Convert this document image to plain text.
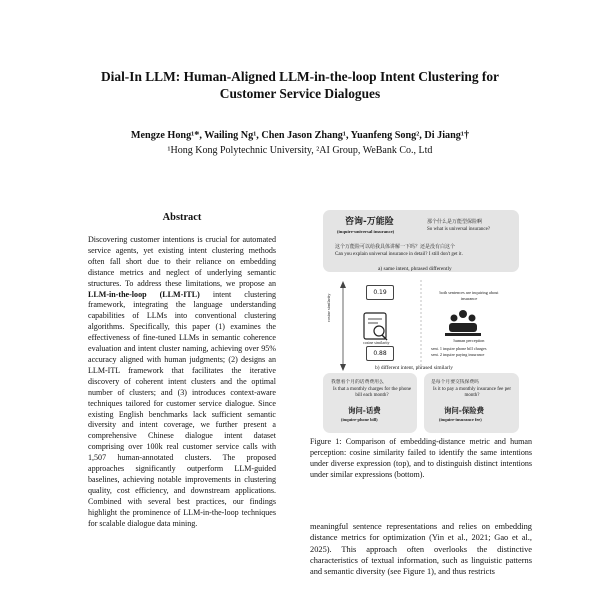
Dial-In LLM: Human-Aligned LLM-in-the-loop Intent Clustering for
Customer Service Dialogues
Mengze Hong¹*, Wailing Ng¹, Chen Jason Zhang¹, Yuanfeng Song², Di Jiang¹†
¹Hong Kong Polytechnic University, ²AI Group, WeBank Co., Ltd
Abstract
Discovering customer intentions is crucial for automated service agents, yet existing intent clustering methods often fall short due to their reliance on embedding distance metrics and neglect of underlying semantic structures. To address these limitations, we propose an LLM-in-the-loop (LLM-ITL) intent clustering framework, integrating the language understanding capabilities of LLMs into conventional clustering algorithms. Specifically, this paper (1) examines the effectiveness of fine-tuned LLMs in semantic coherence evaluation and intent cluster naming, achieving over 95% accuracy aligned with human judgments; (2) designs an LLM-ITL framework that facilitates the iterative discovery of coherent intent clusters and the optimal number of clusters; and (3) introduces context-aware techniques tailored for customer service dialogue. Since existing English benchmarks lack sufficient semantic diversity and intent coverage, we further present a comprehensive Chinese dialogue intent dataset comprising over 100k real customer service calls with 1,507 human-annotated clusters. The proposed approaches significantly outperform LLM-guided baselines, achieving notable improvements in clustering quality, cost efficiency, and downstream applications. Combined with several best practices, our findings highlight the prominence of LLM-in-the-loop techniques for scalable dialogue data mining.
咨询-万能险
(inquire-universal insurance)
那个什么是万能型保险啊
So what is universal insurance?
这个万能险可以给我具体讲解一下吗？还是没有白这个
Can you explain universal insurance in detail? I still don't get it.
a) same intent, phrased differently
0.19
0.88
cosine similarity
cosine similarity
both sentences are inquiring about insurance
human perception
sent. 1 inquire phone bill charges
sent. 2 inquire paying insurance
b) different intent, phrased similarly
我想看个月的话费费用么
Is that a monthly charges for the phone bill each month?
询问-话费
(inquire-phone bill)
是每个月要交钱保费吗
Is it to pay a monthly insurance fee per month?
询问-保险费
(inquire-insurance fee)
Figure 1: Comparison of embedding-distance metric and human perception: cosine similarity failed to identify the same intentions under diverse expression (top), and to distinguish distinct intentions under similar expressions (bottom).
meaningful sentence representations and relies on embedding distance metrics for optimization (Yin et al., 2021; Gao et al., 2025). This approach often overlooks the distinctive characteristics of textual information, such as linguistic patterns and semantic diversity (see Figure 1), and thus restricts
